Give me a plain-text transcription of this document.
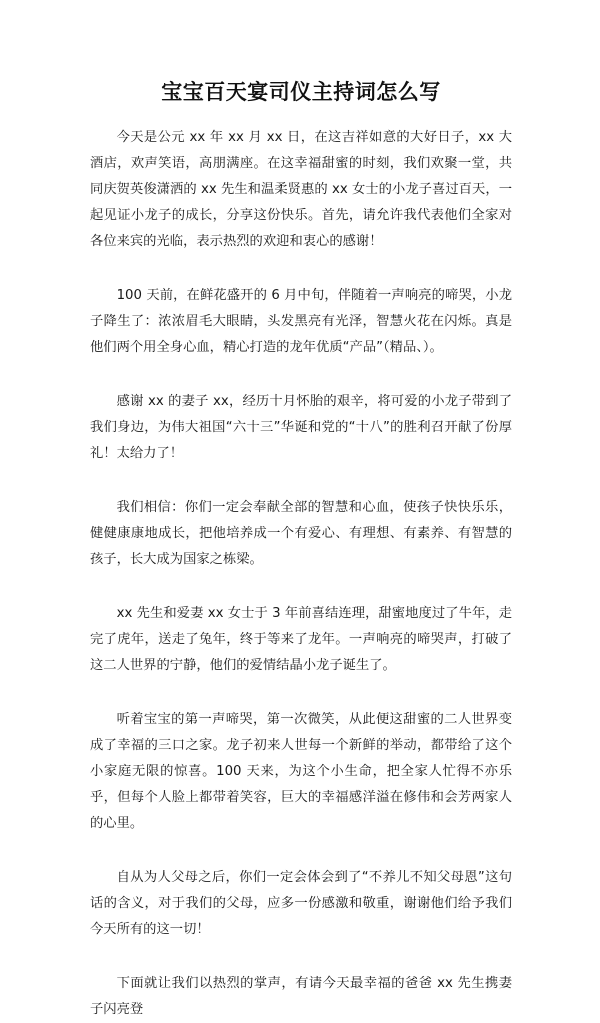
宝宝百天宴司仪主持词怎么写

今天是公元 xx 年 xx 月 xx 日，在这吉祥如意的大好日子，xx 大酒店，欢声笑语，高朋满座。在这幸福甜蜜的时刻，我们欢聚一堂，共同庆贺英俊潇洒的 xx 先生和温柔贤惠的 xx 女士的小龙子喜过百天，一起见证小龙子的成长，分享这份快乐。首先，请允许我代表他们全家对各位来宾的光临，表示热烈的欢迎和衷心的感谢！

100 天前，在鲜花盛开的 6 月中旬，伴随着一声响亮的啼哭，小龙子降生了：浓浓眉毛大眼睛，头发黑亮有光泽，智慧火花在闪烁。真是他们两个用全身心血，精心打造的龙年优质“产品”（精品、）。

感谢 xx 的妻子 xx，经历十月怀胎的艰辛，将可爱的小龙子带到了我们身边，为伟大祖国“六十三”华诞和党的“十八”的胜利召开献了份厚礼！太给力了！

我们相信：你们一定会奉献全部的智慧和心血，使孩子快快乐乐，健健康康地成长，把他培养成一个有爱心、有理想、有素养、有智慧的孩子，长大成为国家之栋梁。

xx 先生和爱妻 xx 女士于 3 年前喜结连理，甜蜜地度过了牛年，走完了虎年，送走了兔年，终于等来了龙年。一声响亮的啼哭声，打破了这二人世界的宁静，他们的爱情结晶小龙子诞生了。

听着宝宝的第一声啼哭，第一次微笑，从此便这甜蜜的二人世界变成了幸福的三口之家。龙子初来人世每一个新鲜的举动，都带给了这个小家庭无限的惊喜。100 天来，为这个小生命，把全家人忙得不亦乐乎，但每个人脸上都带着笑容，巨大的幸福感洋溢在修伟和会芳两家人的心里。

自从为人父母之后，你们一定会体会到了“不养儿不知父母恩”这句话的含义，对于我们的父母，应多一份感激和敬重，谢谢他们给予我们今天所有的这一切！

下面就让我们以热烈的掌声，有请今天最幸福的爸爸 xx 先生携妻子闪亮登
